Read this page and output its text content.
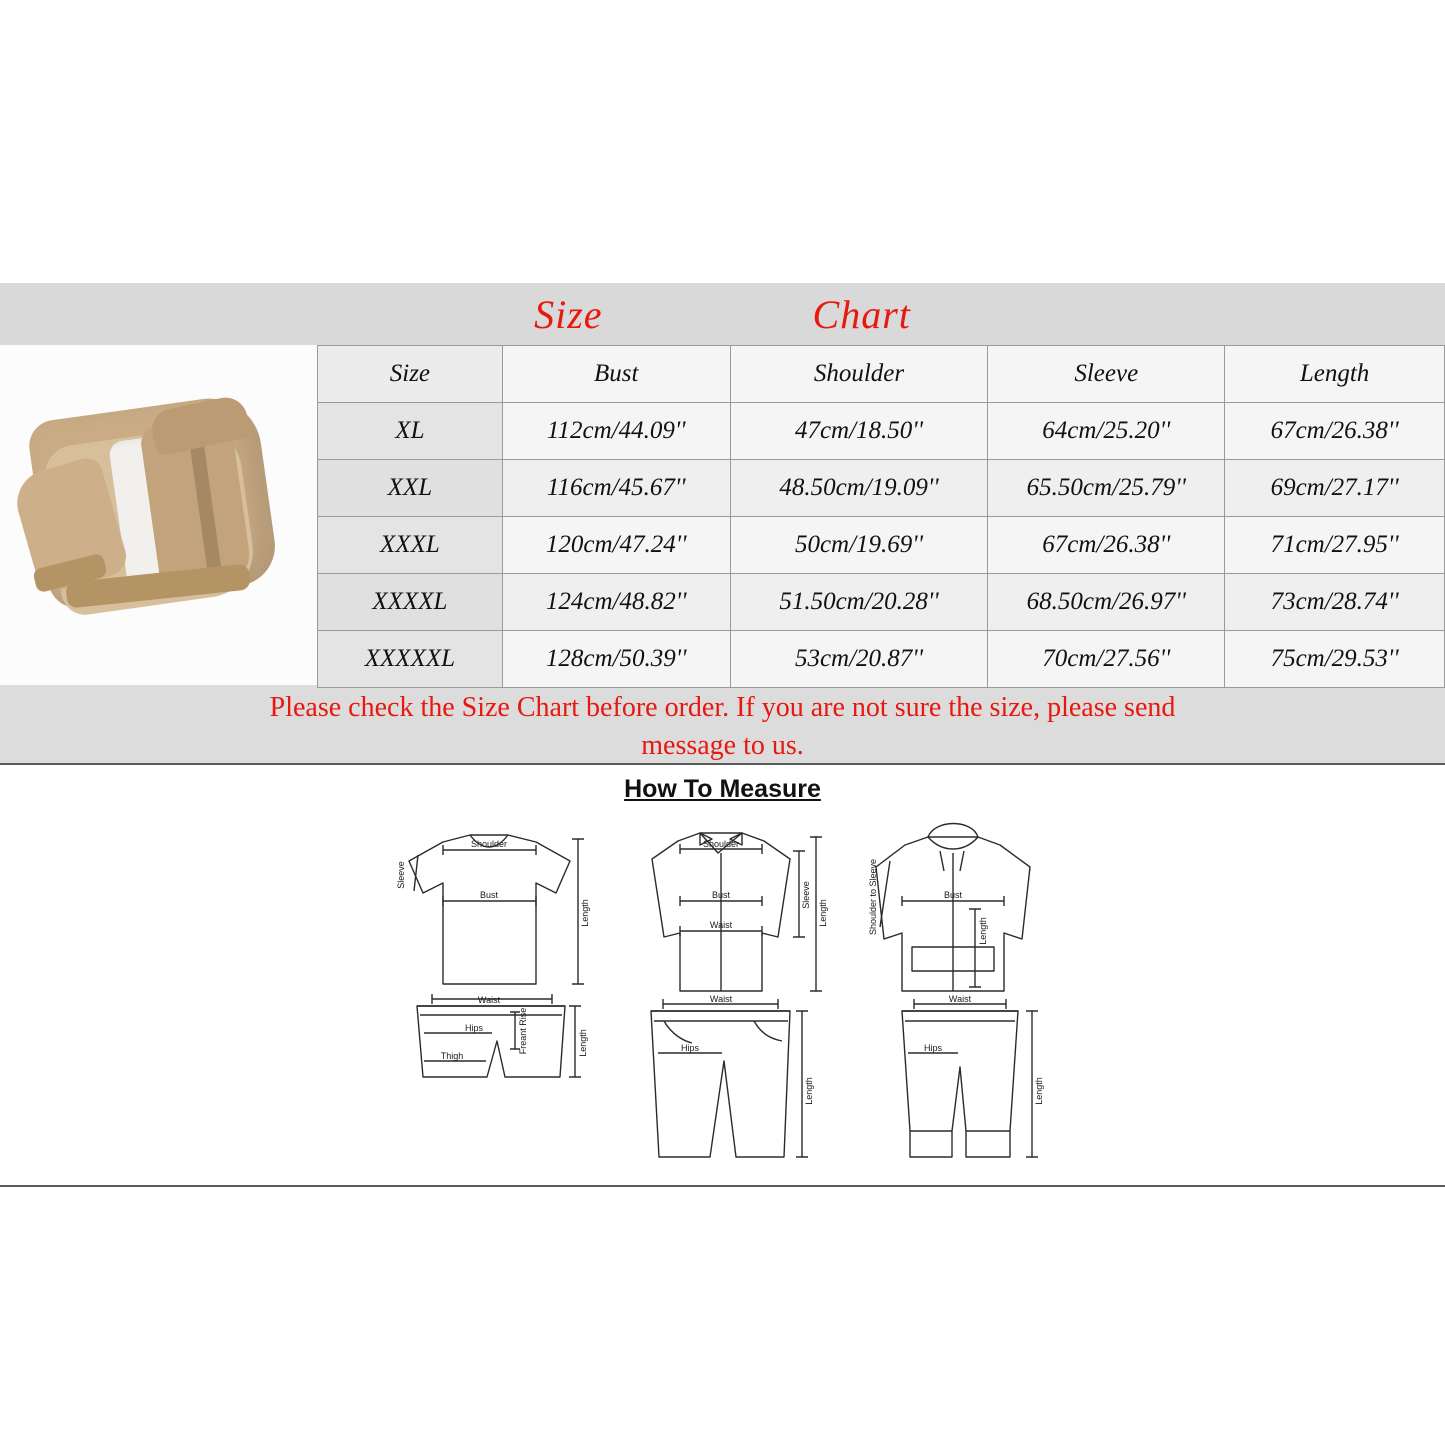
Size	Chart
Size	Bust	Shoulder	Sleeve	Length
XL	112cm/44.09''	47cm/18.50''	64cm/25.20''	67cm/26.38''
XXL	116cm/45.67''	48.50cm/19.09''	65.50cm/25.79''	69cm/27.17''
XXXL	120cm/47.24''	50cm/19.69''	67cm/26.38''	71cm/27.95''
XXXXL	124cm/48.82''	51.50cm/20.28''	68.50cm/26.97''	73cm/28.74''
XXXXXL	128cm/50.39''	53cm/20.87''	70cm/27.56''	75cm/29.53''
Please check the Size Chart before order. If you are not sure the size, please send
message to us.
How To Measure
Shoulder
Bust
Waist
Hips
Thigh
Shoulder
Bust
Waist
Waist
Hips
Bust
Waist
Hips
Sleeve
Length
Freant Rise	Length
Sleeve
Length
Length
Shoulder to Sleeve	Length
Length
